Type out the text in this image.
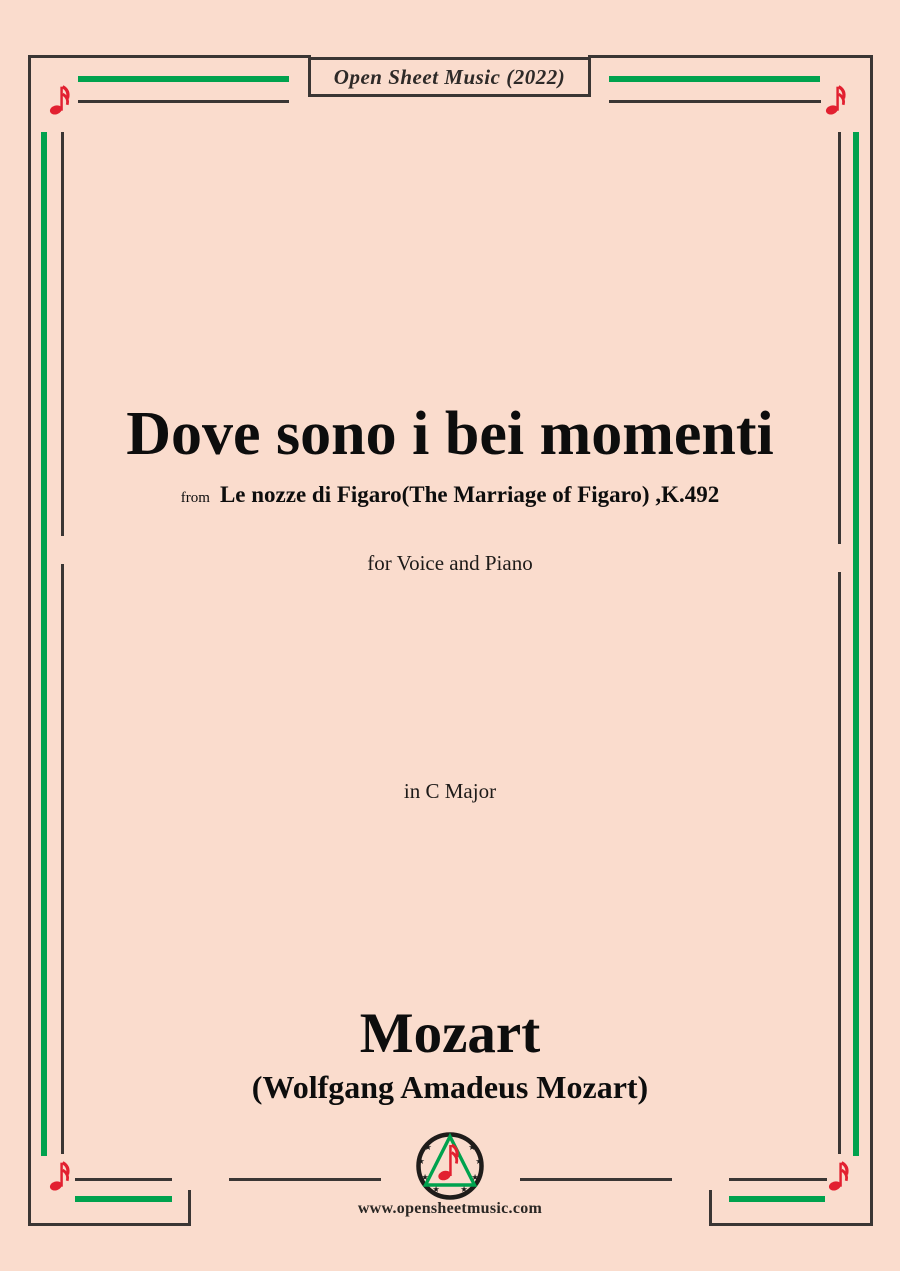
Open Sheet Music (2022)
Dove sono i bei momenti
from Le nozze di Figaro(The Marriage of Figaro) ,K.492
for Voice and Piano
in C Major
Mozart
(Wolfgang Amadeus Mozart)
★
★
★
★ ★
★
★
★
www.opensheetmusic.com
